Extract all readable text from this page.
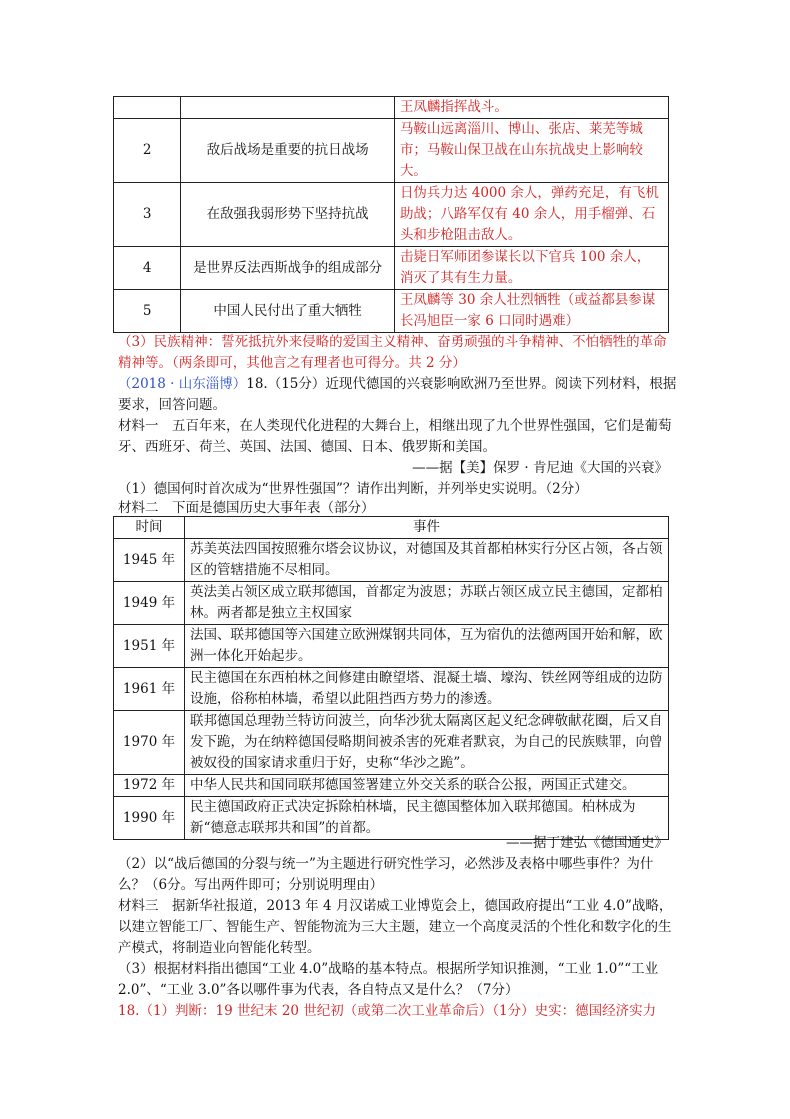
		王凤麟指挥战斗。
2	敌后战场是重要的抗日战场	马鞍山远离淄川、博山、张店、莱芜等城市；马鞍山保卫战在山东抗战史上影响较大。
3	在敌强我弱形势下坚持抗战	日伪兵力达 4000 余人，弹药充足，有飞机助战；八路军仅有 40 余人，用手榴弹、石头和步枪阻击敌人。
4	是世界反法西斯战争的组成部分	击毙日军师团参谋长以下官兵 100 余人，消灭了其有生力量。
5	中国人民付出了重大牺牲	王凤麟等 30 余人壮烈牺牲（或益都县参谋长冯旭臣一家 6 口同时遇难）
（3）民族精神：誓死抵抗外来侵略的爱国主义精神、奋勇顽强的斗争精神、不怕牺牲的革命精神等。（两条即可，其他言之有理者也可得分。共 2 分）
（2018 · 山东淄博）18.（15分）近现代德国的兴衰影响欧洲乃至世界。阅读下列材料，根据要求，回答问题。
材料一　五百年来，在人类现代化进程的大舞台上，相继出现了九个世界性强国，它们是葡萄牙、西班牙、荷兰、英国、法国、德国、日本、俄罗斯和美国。
——据【美】保罗 · 肯尼迪《大国的兴衰》
（1）德国何时首次成为“世界性强国”？请作出判断，并列举史实说明。（2分）
材料二　下面是德国历史大事年表（部分）
时间	事件
1945 年	苏美英法四国按照雅尔塔会议协议，对德国及其首都柏林实行分区占领，各占领区的管辖措施不尽相同。
1949 年	英法美占领区成立联邦德国，首都定为波恩；苏联占领区成立民主德国，定都柏林。两者都是独立主权国家
1951 年	法国、联邦德国等六国建立欧洲煤钢共同体，互为宿仇的法德两国开始和解，欧洲一体化开始起步。
1961 年	民主德国在东西柏林之间修建由瞭望塔、混凝土墙、壕沟、铁丝网等组成的边防设施，俗称柏林墙，希望以此阻挡西方势力的渗透。
1970 年	联邦德国总理勃兰特访问波兰，向华沙犹太隔离区起义纪念碑敬献花圈，后又自发下跪，为在纳粹德国侵略期间被杀害的死难者默哀，为自己的民族赎罪，向曾被奴役的国家请求重归于好，史称“华沙之跪”。
1972 年	中华人民共和国同联邦德国签署建立外交关系的联合公报，两国正式建交。
1990 年	民主德国政府正式决定拆除柏林墙，民主德国整体加入联邦德国。柏林成为新“德意志联邦共和国”的首都。
——据丁建弘《德国通史》
（2）以“战后德国的分裂与统一”为主题进行研究性学习，必然涉及表格中哪些事件？为什么？（6分。写出两件即可；分别说明理由）
材料三　据新华社报道，2013 年 4 月汉诺威工业博览会上，德国政府提出“工业 4.0”战略，以建立智能工厂、智能生产、智能物流为三大主题，建立一个高度灵活的个性化和数字化的生产模式，将制造业向智能化转型。
（3）根据材料指出德国“工业 4.0”战略的基本特点。根据所学知识推测，“工业 1.0”“工业 2.0”、“工业 3.0”各以哪件事为代表，各自特点又是什么？（7分）
18.（1）判断：19 世纪末 20 世纪初（或第二次工业革命后）（1分）史实：德国经济实力
